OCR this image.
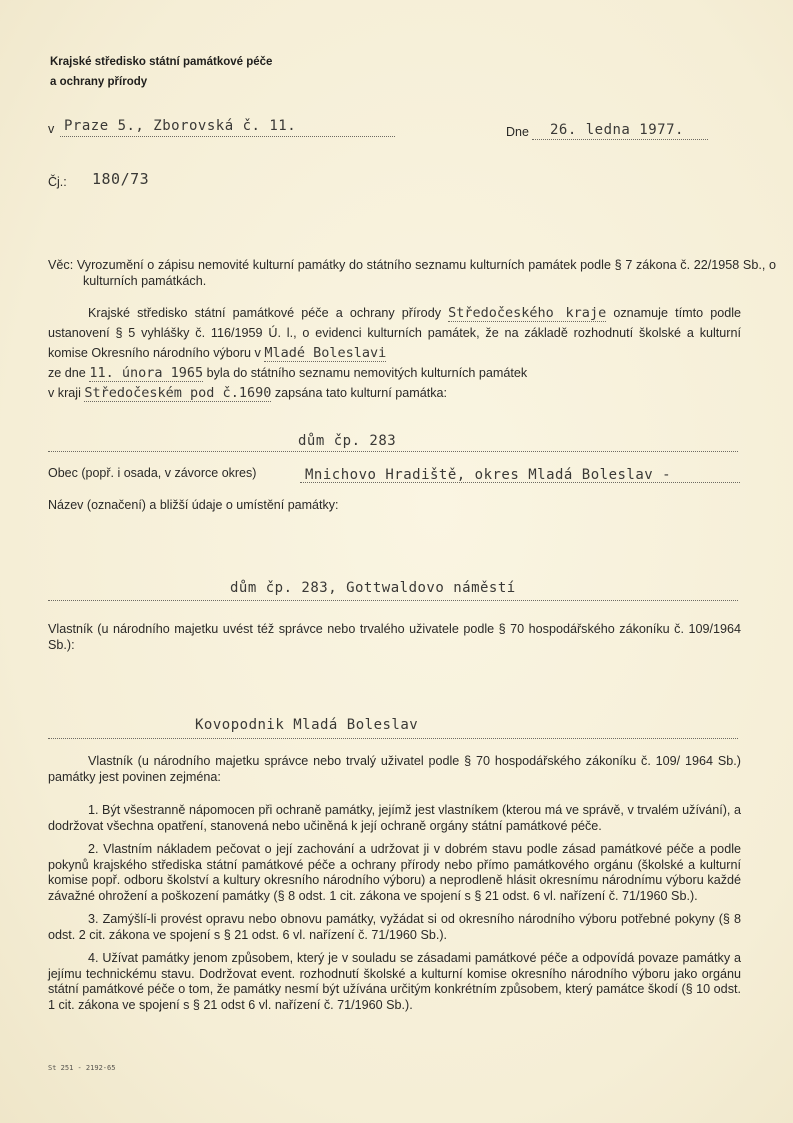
Krajské středisko státní památkové péče
a ochrany přírody
v Praze 5., Zborovská č. 11.	Dne 26. ledna 1977.
Čj.: 180/73
Věc: Vyrozumění o zápisu nemovité kulturní památky do státního seznamu kulturních památek podle § 7 zákona č. 22/1958 Sb., o kulturních památkách.

Krajské středisko státní památkové péče a ochrany přírody Středočeského kraje oznamuje tímto podle ustanovení § 5 vyhlášky č. 116/1959 Ú. l., o evidenci kulturních památek, že na základě rozhodnutí školské a kulturní komise Okresního národního výboru v Mladé Boleslavi
ze dne 11. února 1965 byla do státního seznamu nemovitých kulturních památek
v kraji Středočeském pod č.1690 zapsána tato kulturní památka:

dům čp. 283
Obec (popř. i osada, v závorce okres)	Mnichovo Hradiště, okres Mladá Boleslav -
Název (označení) a bližší údaje o umístění památky:
dům čp. 283, Gottwaldovo náměstí
Vlastník (u národního majetku uvést též správce nebo trvalého uživatele podle § 70 hospodářského zákoníku č. 109/1964 Sb.):
Kovopodnik Mladá Boleslav

Vlastník (u národního majetku správce nebo trvalý uživatel podle § 70 hospodářského zákoníku č. 109/ 1964 Sb.) památky jest povinen zejména:

1. Být všestranně nápomocen při ochraně památky, jejímž jest vlastníkem (kterou má ve správě, v trvalém užívání), a dodržovat všechna opatření, stanovená nebo učiněná k její ochraně orgány státní památkové péče.

2. Vlastním nákladem pečovat o její zachování a udržovat ji v dobrém stavu podle zásad památkové péče a podle pokynů krajského střediska státní památkové péče a ochrany přírody nebo přímo památkového orgánu (školské a kulturní komise popř. odboru školství a kultury okresního národního výboru) a neprodleně hlásit okresnímu národnímu výboru každé závažné ohrožení a poškození památky (§ 8 odst. 1 cit. zákona ve spojení s § 21 odst. 6 vl. nařízení č. 71/1960 Sb.).

3. Zamýšlí-li provést opravu nebo obnovu památky, vyžádat si od okresního národního výboru potřebné pokyny (§ 8 odst. 2 cit. zákona ve spojení s § 21 odst. 6 vl. nařízení č. 71/1960 Sb.).

4. Užívat památky jenom způsobem, který je v souladu se zásadami památkové péče a odpovídá povaze památky a jejímu technickému stavu. Dodržovat event. rozhodnutí školské a kulturní komise okresního národního výboru jako orgánu státní památkové péče o tom, že památky nesmí být užívána určitým konkrétním způsobem, který památce škodí (§ 10 odst. 1 cit. zákona ve spojení s § 21 odst 6 vl. nařízení č. 71/1960 Sb.).

St 251 - 2192-65
